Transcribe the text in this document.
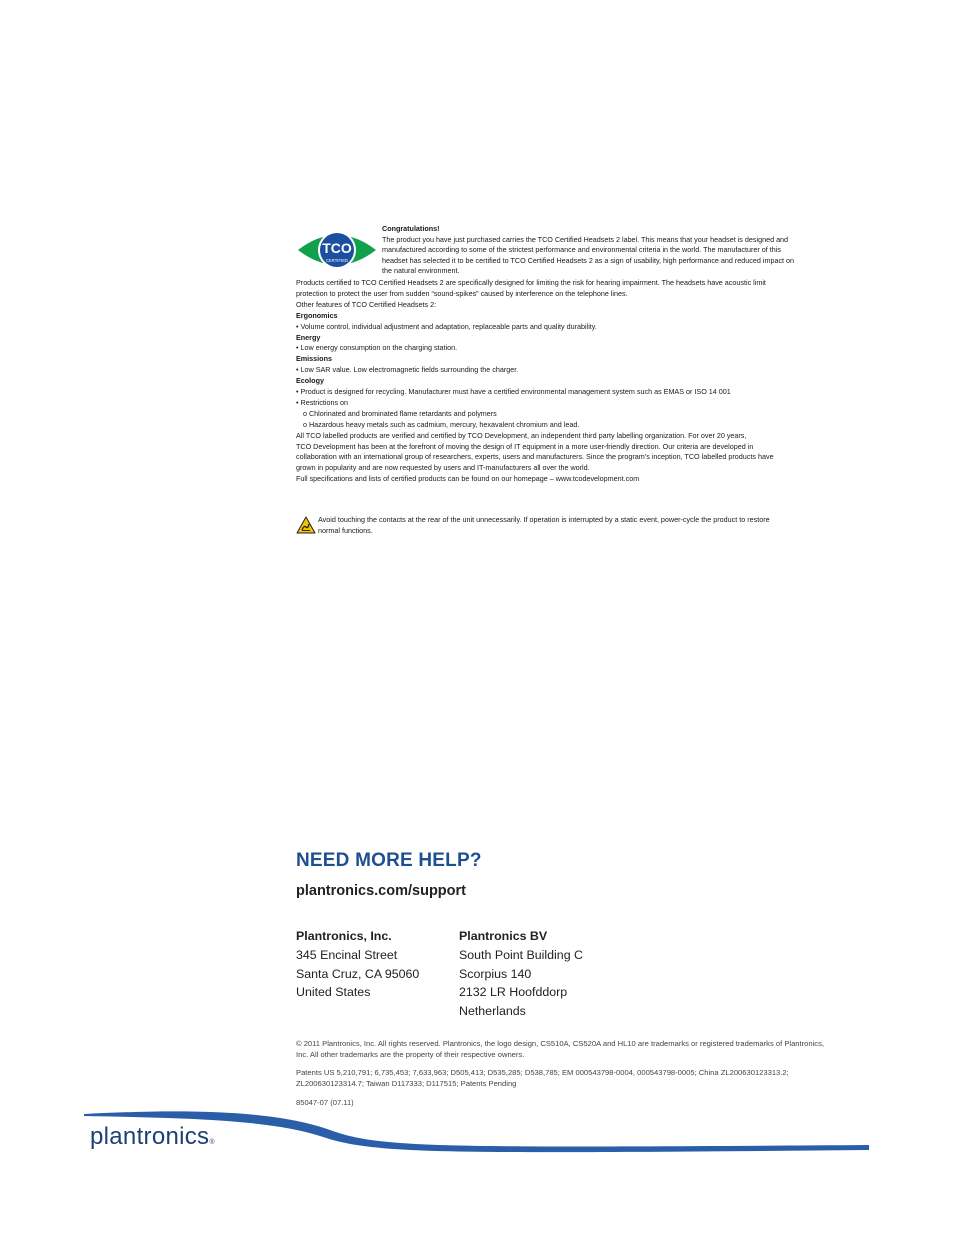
TCO
CERTIFIED
Congratulations!
The product you have just purchased carries the TCO Certified Headsets 2 label. This means that your headset is designed and
manufactured according to some of the strictest performance and environmental criteria in the world. The manufacturer of this
headset has selected it to be certified to TCO Certified Headsets 2 as a sign of usability, high performance and reduced impact on
the natural environment.
Products certified to TCO Certified Headsets 2 are specifically designed for limiting the risk for hearing impairment. The headsets have acoustic limit
protection to protect the user from sudden “sound-spikes” caused by interference on the telephone lines.
Other features of TCO Certified Headsets 2:
Ergonomics
• Volume control, individual adjustment and adaptation, replaceable parts and quality durability.
Energy
• Low energy consumption on the charging station.
Emissions
• Low SAR value. Low electromagnetic fields surrounding the charger.
Ecology
• Product is designed for recycling. Manufacturer must have a certified environmental management system such as EMAS or ISO 14 001
• Restrictions on
o Chlorinated and brominated flame retardants and polymers
o Hazardous heavy metals such as cadmium, mercury, hexavalent chromium and lead.
All TCO labelled products are verified and certified by TCO Development, an independent third party labelling organization. For over 20 years,
TCO Development has been at the forefront of moving the design of IT equipment in a more user-friendly direction. Our criteria are developed in
collaboration with an international group of researchers, experts, users and manufacturers. Since the program’s inception, TCO labelled products have
grown in popularity and are now requested by users and IT-manufacturers all over the world.
Full specifications and lists of certified products can be found on our homepage – www.tcodevelopment.com
Avoid touching the contacts at the rear of the unit unnecessarily. If operation is interrupted by a static event, power-cycle the product to restore
normal functions.
NEED MORE HELP?
plantronics.com/support
Plantronics, Inc.
345 Encinal Street
Santa Cruz, CA 95060
United States
Plantronics BV
South Point Building C
Scorpius 140
2132 LR Hoofddorp
Netherlands
© 2011 Plantronics, Inc. All rights reserved. Plantronics, the logo design, CS510A, CS520A and HL10 are trademarks or registered trademarks of Plantronics,
Inc. All other trademarks are the property of their respective owners.
Patents US 5,210,791; 6,735,453; 7,633,963; D505,413; D535,285; D538,785; EM 000543798-0004, 000543798-0005; China ZL200630123313.2;
ZL200630123314.7; Taiwan D117333; D117515; Patents Pending
85047-07 (07.11)
plantronics®
